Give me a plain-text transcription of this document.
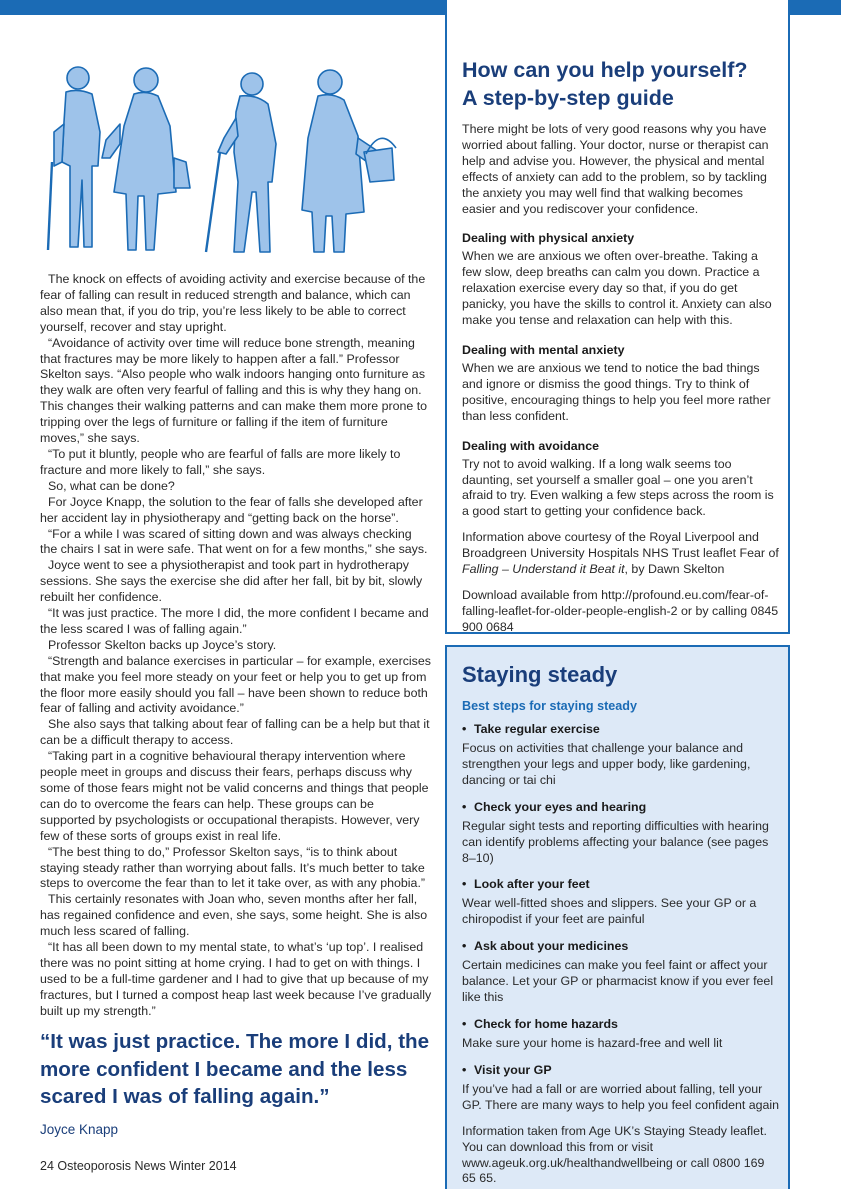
The knock on effects of avoiding activity and exercise because of the fear of falling can result in reduced strength and balance, which can also mean that, if you do trip, you’re less likely to be able to correct yourself, recover and stay upright.

“Avoidance of activity over time will reduce bone strength, meaning that fractures may be more likely to happen after a fall.” Professor Skelton says. “Also people who walk indoors hanging onto furniture as they walk are often very fearful of falling and this is why they hang on. This changes their walking patterns and can make them more prone to tripping over the legs of furniture or falling if the item of furniture moves,” she says.

“To put it bluntly, people who are fearful of falls are more likely to fracture and more likely to fall,” she says.

So, what can be done?

For Joyce Knapp, the solution to the fear of falls she developed after her accident lay in physiotherapy and “getting back on the horse”.

“For a while I was scared of sitting down and was always checking the chairs I sat in were safe. That went on for a few months,” she says.

Joyce went to see a physiotherapist and took part in hydrotherapy sessions. She says the exercise she did after her fall, bit by bit, slowly rebuilt her confidence.

“It was just practice. The more I did, the more confident I became and the less scared I was of falling again.”

Professor Skelton backs up Joyce’s story.

“Strength and balance exercises in particular – for example, exercises that make you feel more steady on your feet or help you to get up from the floor more easily should you fall – have been shown to reduce both fear of falling and activity avoidance.”

She also says that talking about fear of falling can be a help but that it can be a difficult therapy to access.

“Taking part in a cognitive behavioural therapy intervention where people meet in groups and discuss their fears, perhaps discuss why some of those fears might not be valid concerns and things that people can do to overcome the fears can help. These groups can be supported by psychologists or occupational therapists. However, very few of these sorts of groups exist in real life.

“The best thing to do,” Professor Skelton says, “is to think about staying steady rather than worrying about falls. It’s much better to take steps to overcome the fear than to let it take over, as with any phobia.”

This certainly resonates with Joan who, seven months after her fall, has regained confidence and even, she says, some height. She is also much less scared of falling.

“It has all been down to my mental state, to what’s ‘up top’. I realised there was no point sitting at home crying. I had to get on with things. I used to be a full-time gardener and I had to give that up because of my fractures, but I turned a compost heap last week because I’ve gradually built up my strength.”

“It was just practice. The more I did, the more confident I became and the less scared I was of falling again.”
Joyce Knapp
24 Osteoporosis News Winter 2014

How can you help yourself?

A step-by-step guide

There might be lots of very good reasons why you have worried about falling. Your doctor, nurse or therapist can help and advise you. However, the physical and mental effects of anxiety can add to the problem, so by tackling the anxiety you may well find that walking becomes easier and you rediscover your confidence.

Dealing with physical anxiety

When we are anxious we often over-breathe. Taking a few slow, deep breaths can calm you down. Practice a relaxation exercise every day so that, if you do get panicky, you have the skills to control it. Anxiety can also make you tense and relaxation can help with this.

Dealing with mental anxiety

When we are anxious we tend to notice the bad things and ignore or dismiss the good things. Try to think of positive, encouraging things to help you feel more rather than less confident.

Dealing with avoidance

Try not to avoid walking. If a long walk seems too daunting, set yourself a smaller goal – one you aren’t afraid to try. Even walking a few steps across the room is a good start to getting your confidence back.

Information above courtesy of the Royal Liverpool and Broadgreen University Hospitals NHS Trust leaflet Fear of Falling – Understand it Beat it, by Dawn Skelton

Download available from http://profound.eu.com/fear-of-falling-leaflet-for-older-people-english-2 or by calling 0845 900 0684

Staying steady

Best steps for staying steady

• Take regular exercise

Focus on activities that challenge your balance and strengthen your legs and upper body, like gardening, dancing or tai chi

• Check your eyes and hearing

Regular sight tests and reporting difficulties with hearing can identify problems affecting your balance (see pages 8–10)

• Look after your feet

Wear well-fitted shoes and slippers. See your GP or a chiropodist if your feet are painful

• Ask about your medicines

Certain medicines can make you feel faint or affect your balance. Let your GP or pharmacist know if you ever feel like this

• Check for home hazards

Make sure your home is hazard-free and well lit

• Visit your GP

If you’ve had a fall or are worried about falling, tell your GP. There are many ways to help you feel confident again

Information taken from Age UK’s Staying Steady leaflet. You can download this from or visit www.ageuk.org.uk/healthandwellbeing or call 0800 169 65 65.
